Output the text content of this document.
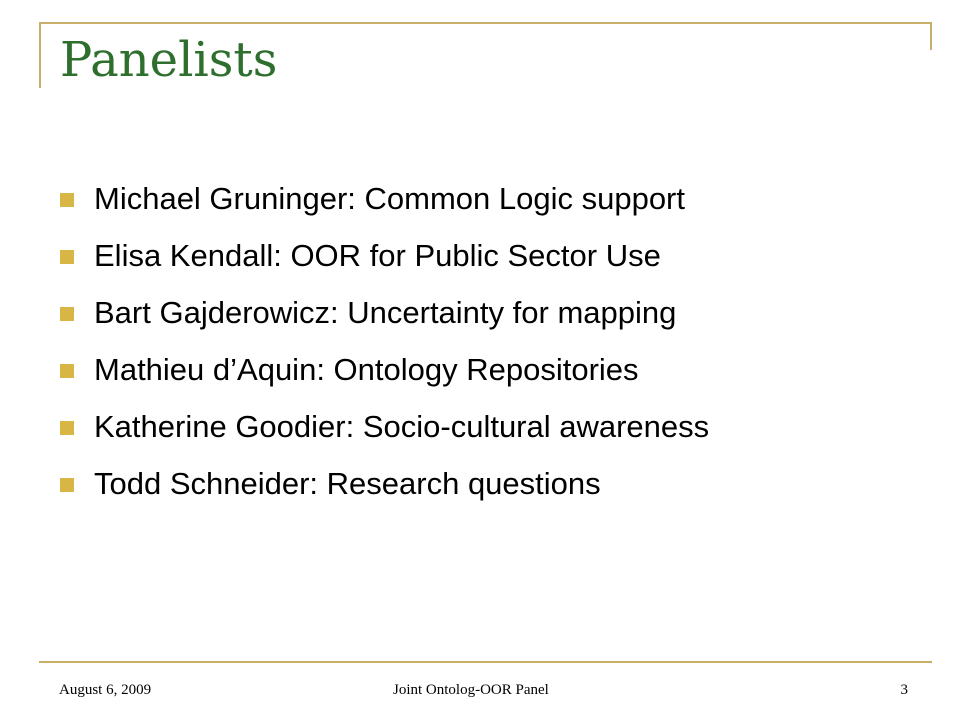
Panelists
Michael Gruninger: Common Logic support
Elisa Kendall: OOR for Public Sector Use
Bart Gajderowicz: Uncertainty for mapping
Mathieu d’Aquin: Ontology Repositories
Katherine Goodier: Socio-cultural awareness
Todd Schneider: Research questions
August 6, 2009	Joint Ontolog-OOR Panel	3
